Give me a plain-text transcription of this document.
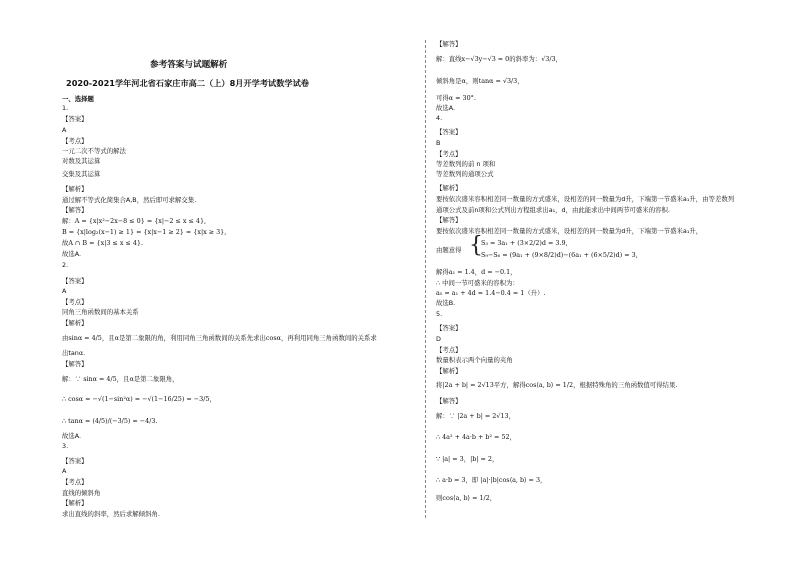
参考答案与试题解析
2020-2021学年河北省石家庄市高二（上）8月开学考试数学试卷
一、选择题
1.
【答案】
A
【考点】
一元二次不等式的解法
对数及其运算
交集及其运算
【解析】
通过解不等式化简集合A,B，然后即可求解交集.
【解答】
解：A = {x|x²−2x−8 ≤ 0} = {x|−2 ≤ x ≤ 4},
B = {x|log₂(x−1) ≥ 1} = {x|x−1 ≥ 2} = {x|x ≥ 3},
故A ∩ B = {x|3 ≤ x ≤ 4}.
故选A.
2.
【答案】
A
【考点】
同角三角函数间的基本关系
【解析】
由sinα = 4/5，且α是第二象限的角，利用同角三角函数间的关系先求出cosα，再利用同角三角函数间的关系求
出tanα.
【解答】
解：∵ sinα = 4/5，且α是第二象限角，
∴ cosα = −√(1−sin²α) = −√(1−16/25) = −3/5，
∴ tanα = (4/5)/(−3/5) = −4/3.
故选A.
3.
【答案】
A
【考点】
直线的倾斜角
【解析】
求出直线的斜率，然后求解倾斜角.
【解答】
解：直线x−√3y−√3 = 0的斜率为：√3/3，
倾斜角是α，则tanα = √3/3，
可得α = 30°.
故选A.
4.
【答案】
B
【考点】
等差数列的前 n 项和
等差数列的通项公式
【解析】
要按依次盛米容积相差同一数量的方式盛米，设相差的同一数量为d升，下端第一节盛米a₁升，由等差数列
通项公式及前n项和公式列出方程组求出a₁，d，由此能求出中间两节可盛米的容积.
【解答】
要按依次盛米容积相差同一数量的方式盛米，设相差的同一数量为d升，下端第一节盛米a₁升，
由题意得 {
S₃ = 3a₁ + (3×2/2)d = 3.9,
S₉−S₆ = (9a₁ + (9×8/2)d)−(6a₁ + (6×5/2)d) = 3,
解得a₁ = 1.4，d = −0.1，
∴ 中间一节可盛米的容积为：
a₅ = a₁ + 4d = 1.4−0.4 = 1（升）.
故选B.
5.
【答案】
D
【考点】
数量积表示两个向量的夹角
【解析】
将|2a + b| = 2√13平方，解得cos⟨a, b⟩ = 1/2，根据特殊角的三角函数值可得结果.
【解答】
解：∵ |2a + b| = 2√13，
∴ 4a² + 4a·b + b² = 52，
∵ |a| = 3，|b| = 2，
∴ a·b = 3，即 |a|·|b|cos⟨a, b⟩ = 3，
则cos⟨a, b⟩ = 1/2，
